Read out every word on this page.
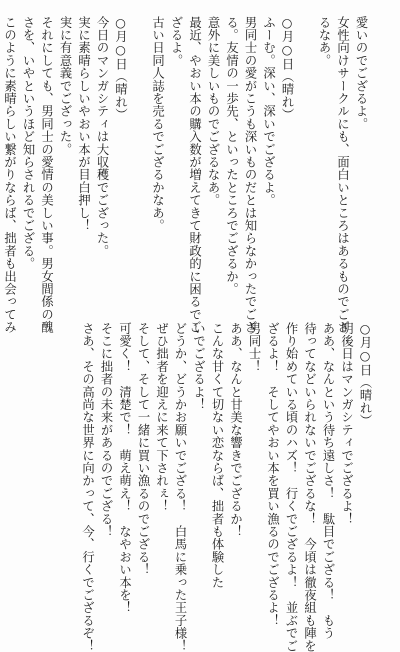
愛いのでござるよ。

女性向けサークルにも、面白いところはあるものでござ

るなあ。

○月○日（晴れ）

ふーむ。深い、深いでござるよ。

男同士の愛がこうも深いものだとは知らなかったでござ

る。友情の一歩先、といったところでござるか。

意外に美しいものでござるなあ。

最近、やおい本の購入数が増えてきて財政的に困るでご

ざるよ。

古い日同人誌を売るでござるかなあ。

○月○日（晴れ）

今日のマンガシティは大収穫でござった。

実に素晴らしいやおい本が目白押し！

実に有意義でござった。

それにしても、男同士の愛情の美しい事。男女間係の醜

さを、いやというほど知らされるでござる。

このように素晴らしい繋がりならば、拙者も出会ってみ

○月○日（晴れ）

明後日はマンガシティでござるよ！

ああ、なんという待ち遠しさ！　駄目でござる！　もう

待ってなどいられないでござるな！　今頃は徹夜組も陣を

作り始めている頃のハズ！　行くでござるよ！　並ぶでご

ざるよ！　そしてやおい本を買い漁るのでござるよ！

男同士！

ああ、なんと甘美な響きでござるか！

こんな甘くて切ない恋ならば、拙者も体験した

いでござるよ！

どうか、どうかお願いでござる！　白馬に乗った王子様！

ぜひ拙者を迎えに来て下されぇ！

そして、そして一緒に買い漁るのでござる！

可愛く！　清楚で！　萌え萌え！　なやおい本を！

そこに拙者の未来があるのでござる！

さあ、その高尚な世界に向かって、今、行くでござるぞ！
